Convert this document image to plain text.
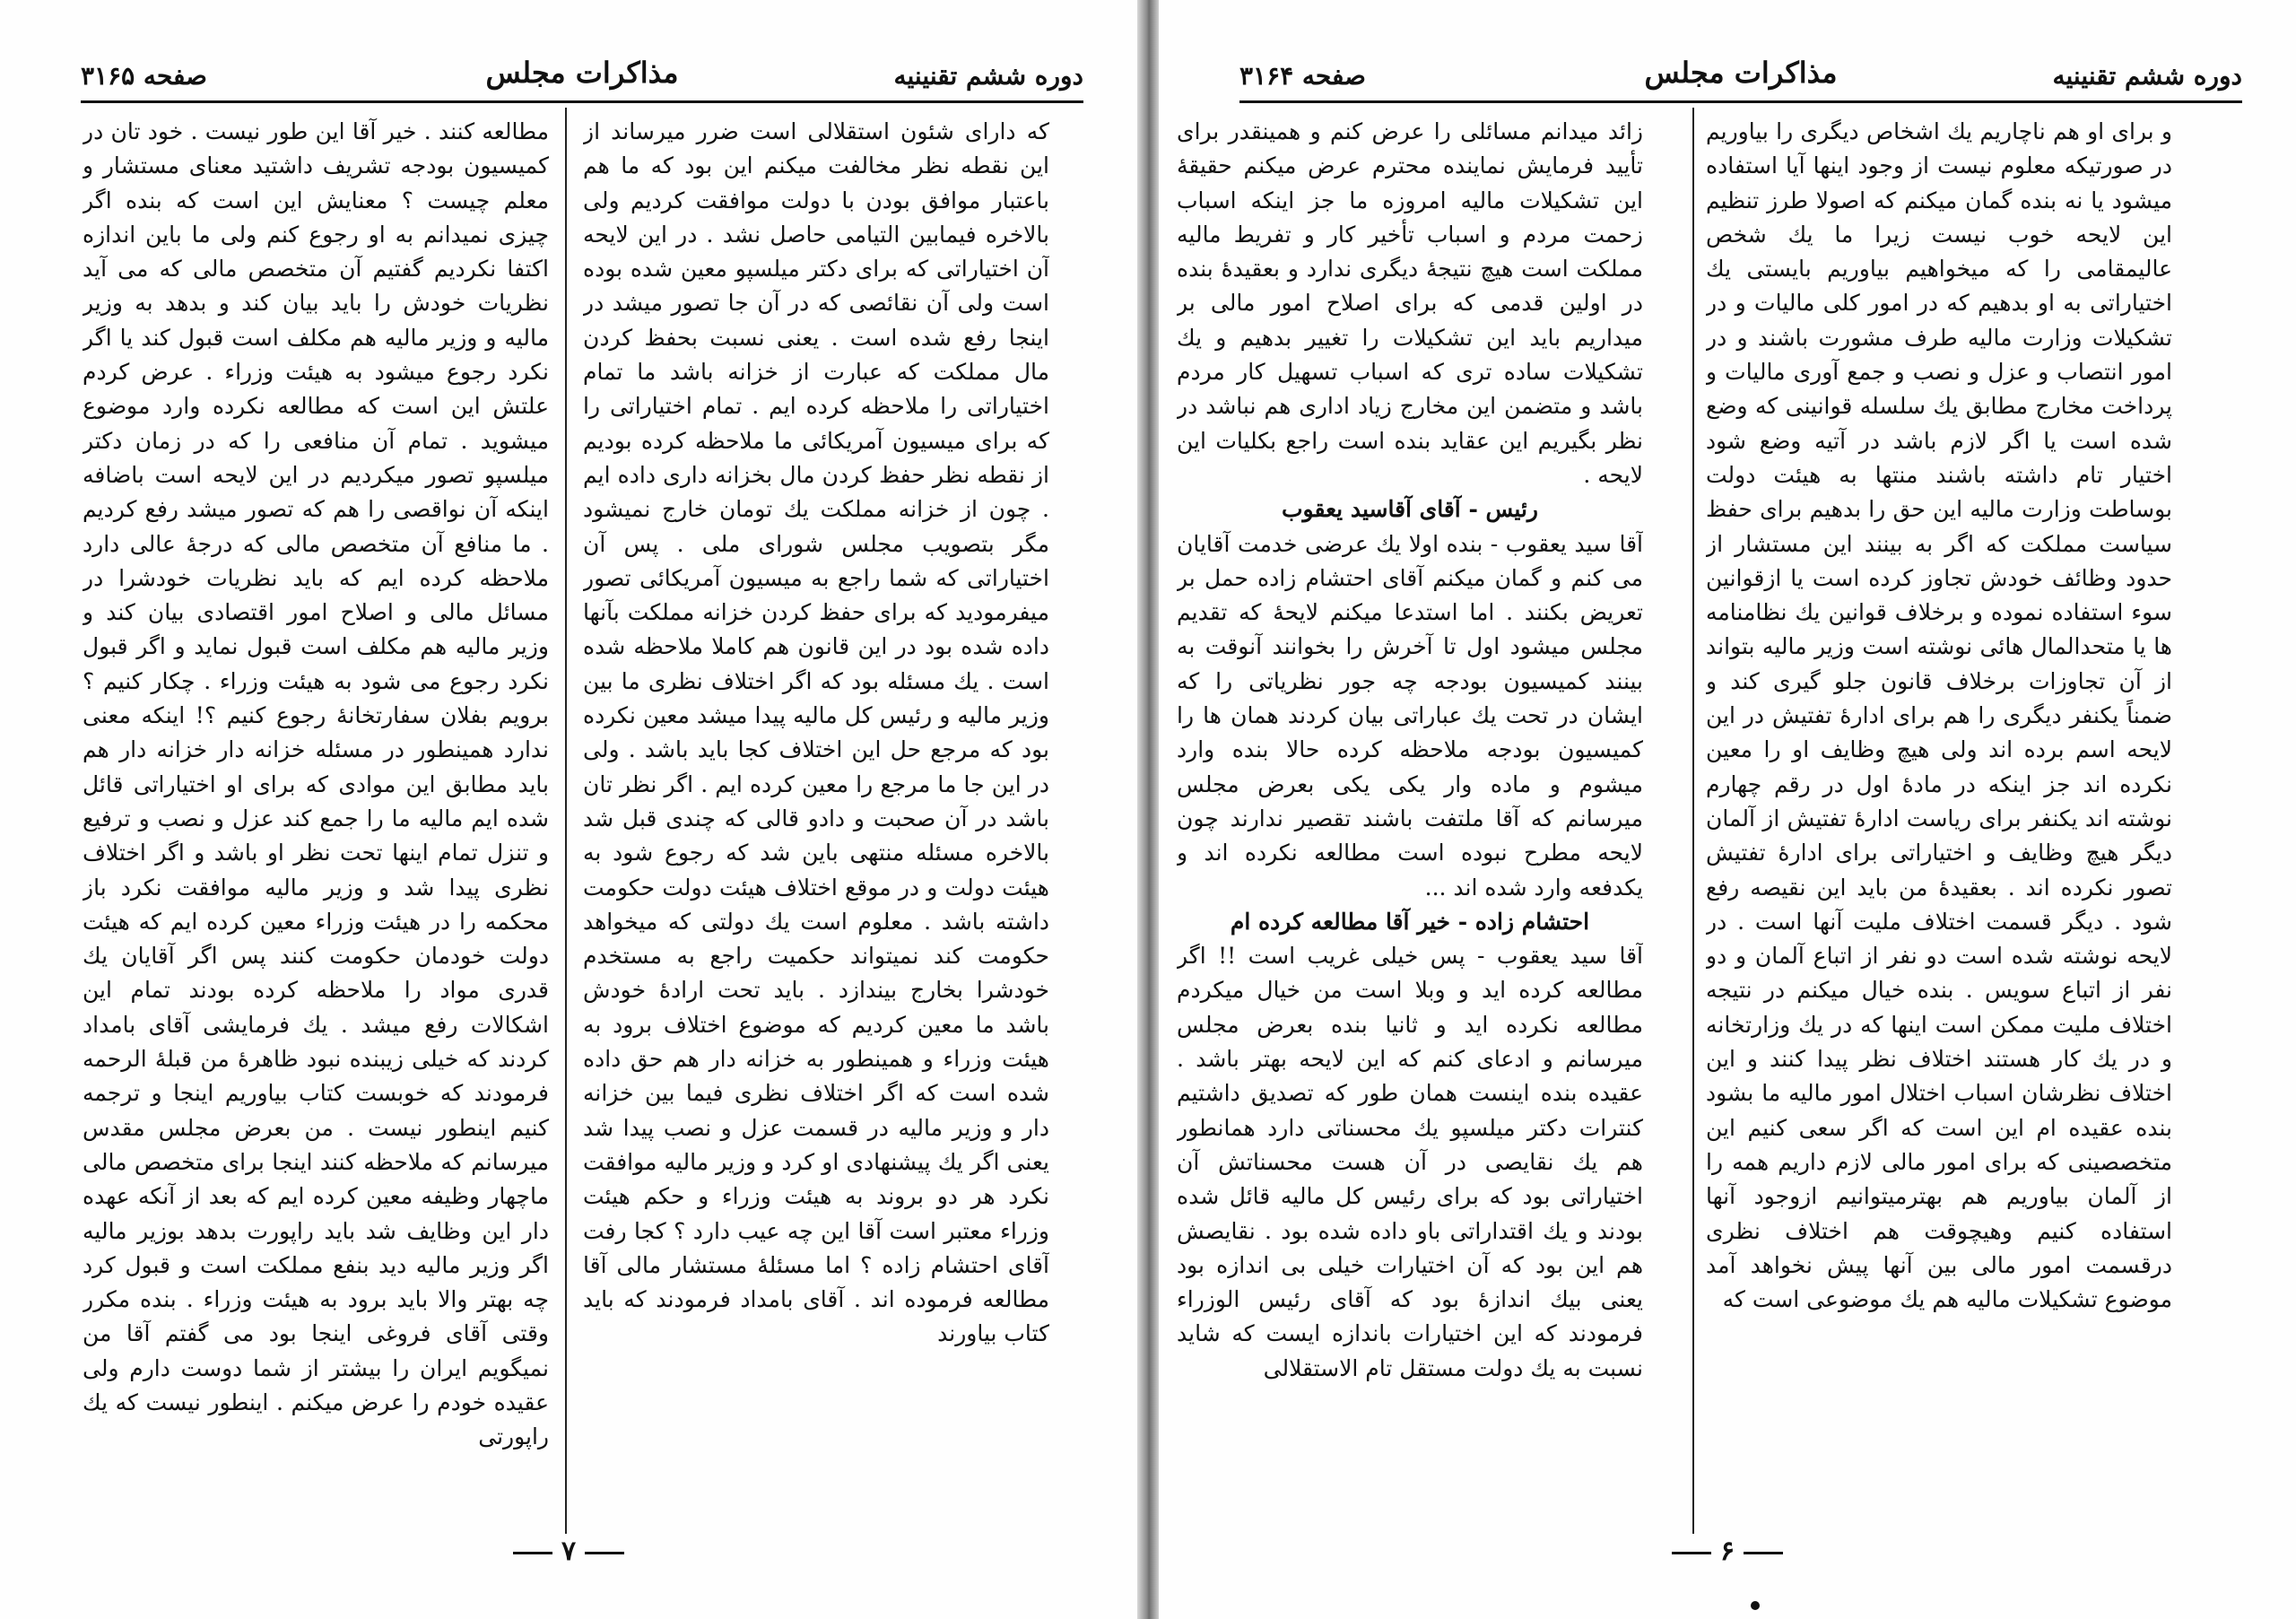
دوره ششم تقنینیه
مذاکرات مجلس
صفحه ۳۱۶۵

که دارای شئون استقلالی است ضرر میرساند از این نقطه نظر مخالفت میکنم این بود که ما هم باعتبار موافق بودن با دولت موافقت کردیم ولی بالاخره فیمابین التیامی حاصل نشد . در این لایحه آن اختیاراتی که برای دکتر میلسپو معین شده بوده است ولی آن نقائصی که در آن جا تصور میشد در اینجا رفع شده است . یعنی نسبت بحفظ کردن مال مملکت که عبارت از خزانه باشد ما تمام اختیاراتی را ملاحظه کرده ایم . تمام اختیاراتی را که برای میسیون آمریکائی ما ملاحظه کرده بودیم از نقطه نظر حفظ کردن مال بخزانه داری داده ایم . چون از خزانه مملکت یك تومان خارج نمیشود مگر بتصویب مجلس شورای ملی . پس آن اختیاراتی که شما راجع به میسیون آمریکائی تصور میفرمودید که برای حفظ کردن خزانه مملکت بآنها داده شده بود در این قانون هم کاملا ملاحظه شده است . یك مسئله بود که اگر اختلاف نظری ما بین وزیر مالیه و رئیس کل مالیه پیدا میشد معین نکرده بود که مرجع حل این اختلاف کجا باید باشد . ولی در این جا ما مرجع را معین کرده ایم . اگر نظر تان باشد در آن صحبت و دادو قالی که چندی قبل شد بالاخره مسئله منتهی باین شد که رجوع شود به هیئت دولت و در موقع اختلاف هیئت دولت حکومت داشته باشد . معلوم است یك دولتی که میخواهد حکومت کند نمیتواند حکمیت راجع به مستخدم خودشرا بخارج بیندازد . باید تحت ارادهٔ خودش باشد ما معین کردیم که موضوع اختلاف برود به هیئت وزراء و همینطور به خزانه دار هم حق داده شده است که اگر اختلاف نظری فیما بین خزانه دار و وزیر مالیه در قسمت عزل و نصب پیدا شد یعنی اگر یك پیشنهادی او کرد و وزیر مالیه موافقت نکرد هر دو بروند به هیئت وزراء و حکم هیئت وزراء معتبر است آقا این چه عیب دارد ؟ کجا رفت آقای احتشام زاده ؟ اما مسئلهٔ مستشار مالی آقا مطالعه فرموده اند . آقای بامداد فرمودند که باید کتاب بیاورند

مطالعه کنند . خیر آقا این طور نیست . خود تان در کمیسیون بودجه تشریف داشتید معنای مستشار و معلم چیست ؟ معنایش این است که بنده اگر چیزی نمیدانم به او رجوع کنم ولی ما باین اندازه اکتفا نکردیم گفتیم آن متخصص مالی که می آید نظریات خودش را باید بیان کند و بدهد به وزیر مالیه و وزیر مالیه هم مکلف است قبول کند یا اگر نکرد رجوع میشود به هیئت وزراء . عرض کردم علتش این است که مطالعه نکرده وارد موضوع میشوید . تمام آن منافعی را که در زمان دکتر میلسپو تصور میکردیم در این لایحه است باضافه اینکه آن نواقصی را هم که تصور میشد رفع کردیم . ما منافع آن متخصص مالی که درجهٔ عالی دارد ملاحظه کرده ایم که باید نظریات خودشرا در مسائل مالی و اصلاح امور اقتصادی بیان کند و وزیر مالیه هم مکلف است قبول نماید و اگر قبول نکرد رجوع می شود به هیئت وزراء . چکار کنیم ؟ برویم بفلان سفارتخانهٔ رجوع کنیم ؟! اینکه معنی ندارد همینطور در مسئله خزانه دار خزانه دار هم باید مطابق این موادی که برای او اختیاراتی قائل شده ایم مالیه ما را جمع کند عزل و نصب و ترفیع و تنزل تمام اینها تحت نظر او باشد و اگر اختلاف نظری پیدا شد و وزیر مالیه موافقت نکرد باز محکمه را در هیئت وزراء معین کرده ایم که هیئت دولت خودمان حکومت کنند پس اگر آقایان یك قدری مواد را ملاحظه کرده بودند تمام این اشکالات رفع میشد . یك فرمایشی آقای بامداد کردند که خیلی زیبنده نبود ظاهرهٔ من قبلهٔ الرحمه فرمودند که خوبست کتاب بیاوریم اینجا و ترجمه کنیم اینطور نیست . من بعرض مجلس مقدس میرسانم که ملاحظه کنند اینجا برای متخصص مالی ماچهار وظیفه معین کرده ایم که بعد از آنکه عهده دار این وظایف شد باید راپورت بدهد بوزیر مالیه اگر وزیر مالیه دید بنفع مملکت است و قبول کرد چه بهتر والا باید برود به هیئت وزراء . بنده مکرر وقتی آقای فروغی اینجا بود می گفتم آقا من نمیگویم ایران را بیشتر از شما دوست دارم ولی عقیده خودم را عرض میکنم . اینطور نیست که یك راپورتی

۷
دوره ششم تقنینیه
مذاکرات مجلس
صفحه ۳۱۶۴

و برای او هم ناچاریم یك اشخاص دیگری را بیاوریم در صورتیکه معلوم نیست از وجود اینها آیا استفاده میشود یا نه بنده گمان میکنم که اصولا طرز تنظیم این لایحه خوب نیست زیرا ما یك شخص عالیمقامی را که میخواهیم بیاوریم بایستی یك اختیاراتی به او بدهیم که در امور کلی مالیات و در تشکیلات وزارت مالیه طرف مشورت باشند و در امور انتصاب و عزل و نصب و جمع آوری مالیات و پرداخت مخارج مطابق یك سلسله قوانینی که وضع شده است یا اگر لازم باشد در آتیه وضع شود اختیار تام داشته باشند منتها به هیئت دولت بوساطت وزارت مالیه این حق را بدهیم برای حفظ سیاست مملکت که اگر به بینند این مستشار از حدود وظائف خودش تجاوز کرده است یا ازقوانین سوء استفاده نموده و برخلاف قوانین یك نظامنامه ها یا متحدالمال هائی نوشته است وزیر مالیه بتواند از آن تجاوزات برخلاف قانون جلو گیری کند و ضمناً یکنفر دیگری را هم برای ادارهٔ تفتیش در این لایحه اسم برده اند ولی هیچ وظایف او را معین نکرده اند جز اینکه در مادهٔ اول در رقم چهارم نوشته اند یکنفر برای ریاست ادارهٔ تفتیش از آلمان دیگر هیچ وظایف و اختیاراتی برای ادارهٔ تفتیش تصور نکرده اند . بعقیدهٔ من باید این نقیصه رفع شود . دیگر قسمت اختلاف ملیت آنها است . در لایحه نوشته شده است دو نفر از اتباع آلمان و دو نفر از اتباع سویس . بنده خیال میکنم در نتیجه اختلاف ملیت ممکن است اینها که در یك وزارتخانه و در یك کار هستند اختلاف نظر پیدا کنند و این اختلاف نظرشان اسباب اختلال امور مالیه ما بشود بنده عقیده ام این است که اگر سعی کنیم این متخصصینی که برای امور مالی لازم داریم همه را از آلمان بیاوریم هم بهترمیتوانیم ازوجود آنها استفاده کنیم وهیچوقت هم اختلاف نظری درقسمت امور مالی بین آنها پیش نخواهد آمد موضوع تشکیلات مالیه هم یك موضوعی است که

زائد میدانم مسائلی را عرض کنم و همینقدر برای تأیید فرمایش نماینده محترم عرض میکنم حقیقهٔ این تشکیلات مالیه امروزه ما جز اینکه اسباب زحمت مردم و اسباب تأخیر کار و تفریط مالیه مملکت است هیچ نتیجهٔ دیگری ندارد و بعقیدهٔ بنده در اولین قدمی که برای اصلاح امور مالی بر میداریم باید این تشکیلات را تغییر بدهیم و یك تشکیلات ساده تری که اسباب تسهیل کار مردم باشد و متضمن این مخارج زیاد اداری هم نباشد در نظر بگیریم این عقاید بنده است راجع بکلیات این لایحه .

رئیس - آقای آقاسید یعقوب

آقا سید یعقوب - بنده اولا یك عرضی خدمت آقایان می کنم و گمان میکنم آقای احتشام زاده حمل بر تعریض بکنند . اما استدعا میکنم لایحهٔ که تقدیم مجلس میشود اول تا آخرش را بخوانند آنوقت به بینند کمیسیون بودجه چه جور نظریاتی را که ایشان در تحت یك عباراتی بیان کردند همان ها را کمیسیون بودجه ملاحظه کرده حالا بنده وارد میشوم و ماده وار یکی یکی بعرض مجلس میرسانم که آقا ملتفت باشند تقصیر ندارند چون لایحه مطرح نبوده است مطالعه نکرده اند و یکدفعه وارد شده اند ...

احتشام زاده - خیر آقا مطالعه کرده ام

آقا سید یعقوب - پس خیلی غریب است !! اگر مطالعه کرده اید و وبلا است من خیال میکردم مطالعه نکرده اید و ثانیا بنده بعرض مجلس میرسانم و ادعای کنم که این لایحه بهتر باشد . عقیده بنده اینست همان طور که تصدیق داشتیم کنترات دکتر میلسپو یك محسناتی دارد همانطور هم یك نقایصی در آن هست محسناتش آن اختیاراتی بود که برای رئیس کل مالیه قائل شده بودند و یك اقتداراتی باو داده شده بود . نقایصش هم این بود که آن اختیارات خیلی بی اندازه بود یعنی بیك اندازهٔ بود که آقای رئیس الوزراء فرمودند که این اختیارات باندازه ایست که شاید نسبت به یك دولت مستقل تام الاستقلالی

۶
